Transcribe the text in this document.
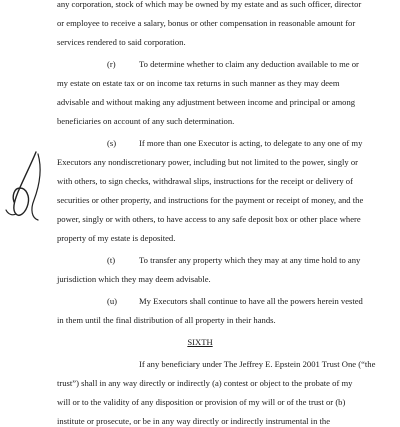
any corporation, stock of which may be owned by my estate and as such officer, director
or employee to receive a salary, bonus or other compensation in reasonable amount for
services rendered to said corporation.
(r)	To determine whether to claim any deduction available to me or
my estate on estate tax or on income tax returns in such manner as they may deem
advisable and without making any adjustment between income and principal or among
beneficiaries on account of any such determination.
(s)	If more than one Executor is acting, to delegate to any one of my
Executors any nondiscretionary power, including but not limited to the power, singly or
with others, to sign checks, withdrawal slips, instructions for the receipt or delivery of
securities or other property, and instructions for the payment or receipt of money, and the
power, singly or with others, to have access to any safe deposit box or other place where
property of my estate is deposited.
(t)	To transfer any property which they may at any time hold to any
jurisdiction which they may deem advisable.
(u)	My Executors shall continue to have all the powers herein vested
in them until the final distribution of all property in their hands.
SIXTH
If any beneficiary under The Jeffrey E. Epstein 2001 Trust One (“the
trust”) shall in any way directly or indirectly (a) contest or object to the probate of my
will or to the validity of any disposition or provision of my will or of the trust or (b)
institute or prosecute, or be in any way directly or indirectly instrumental in the
